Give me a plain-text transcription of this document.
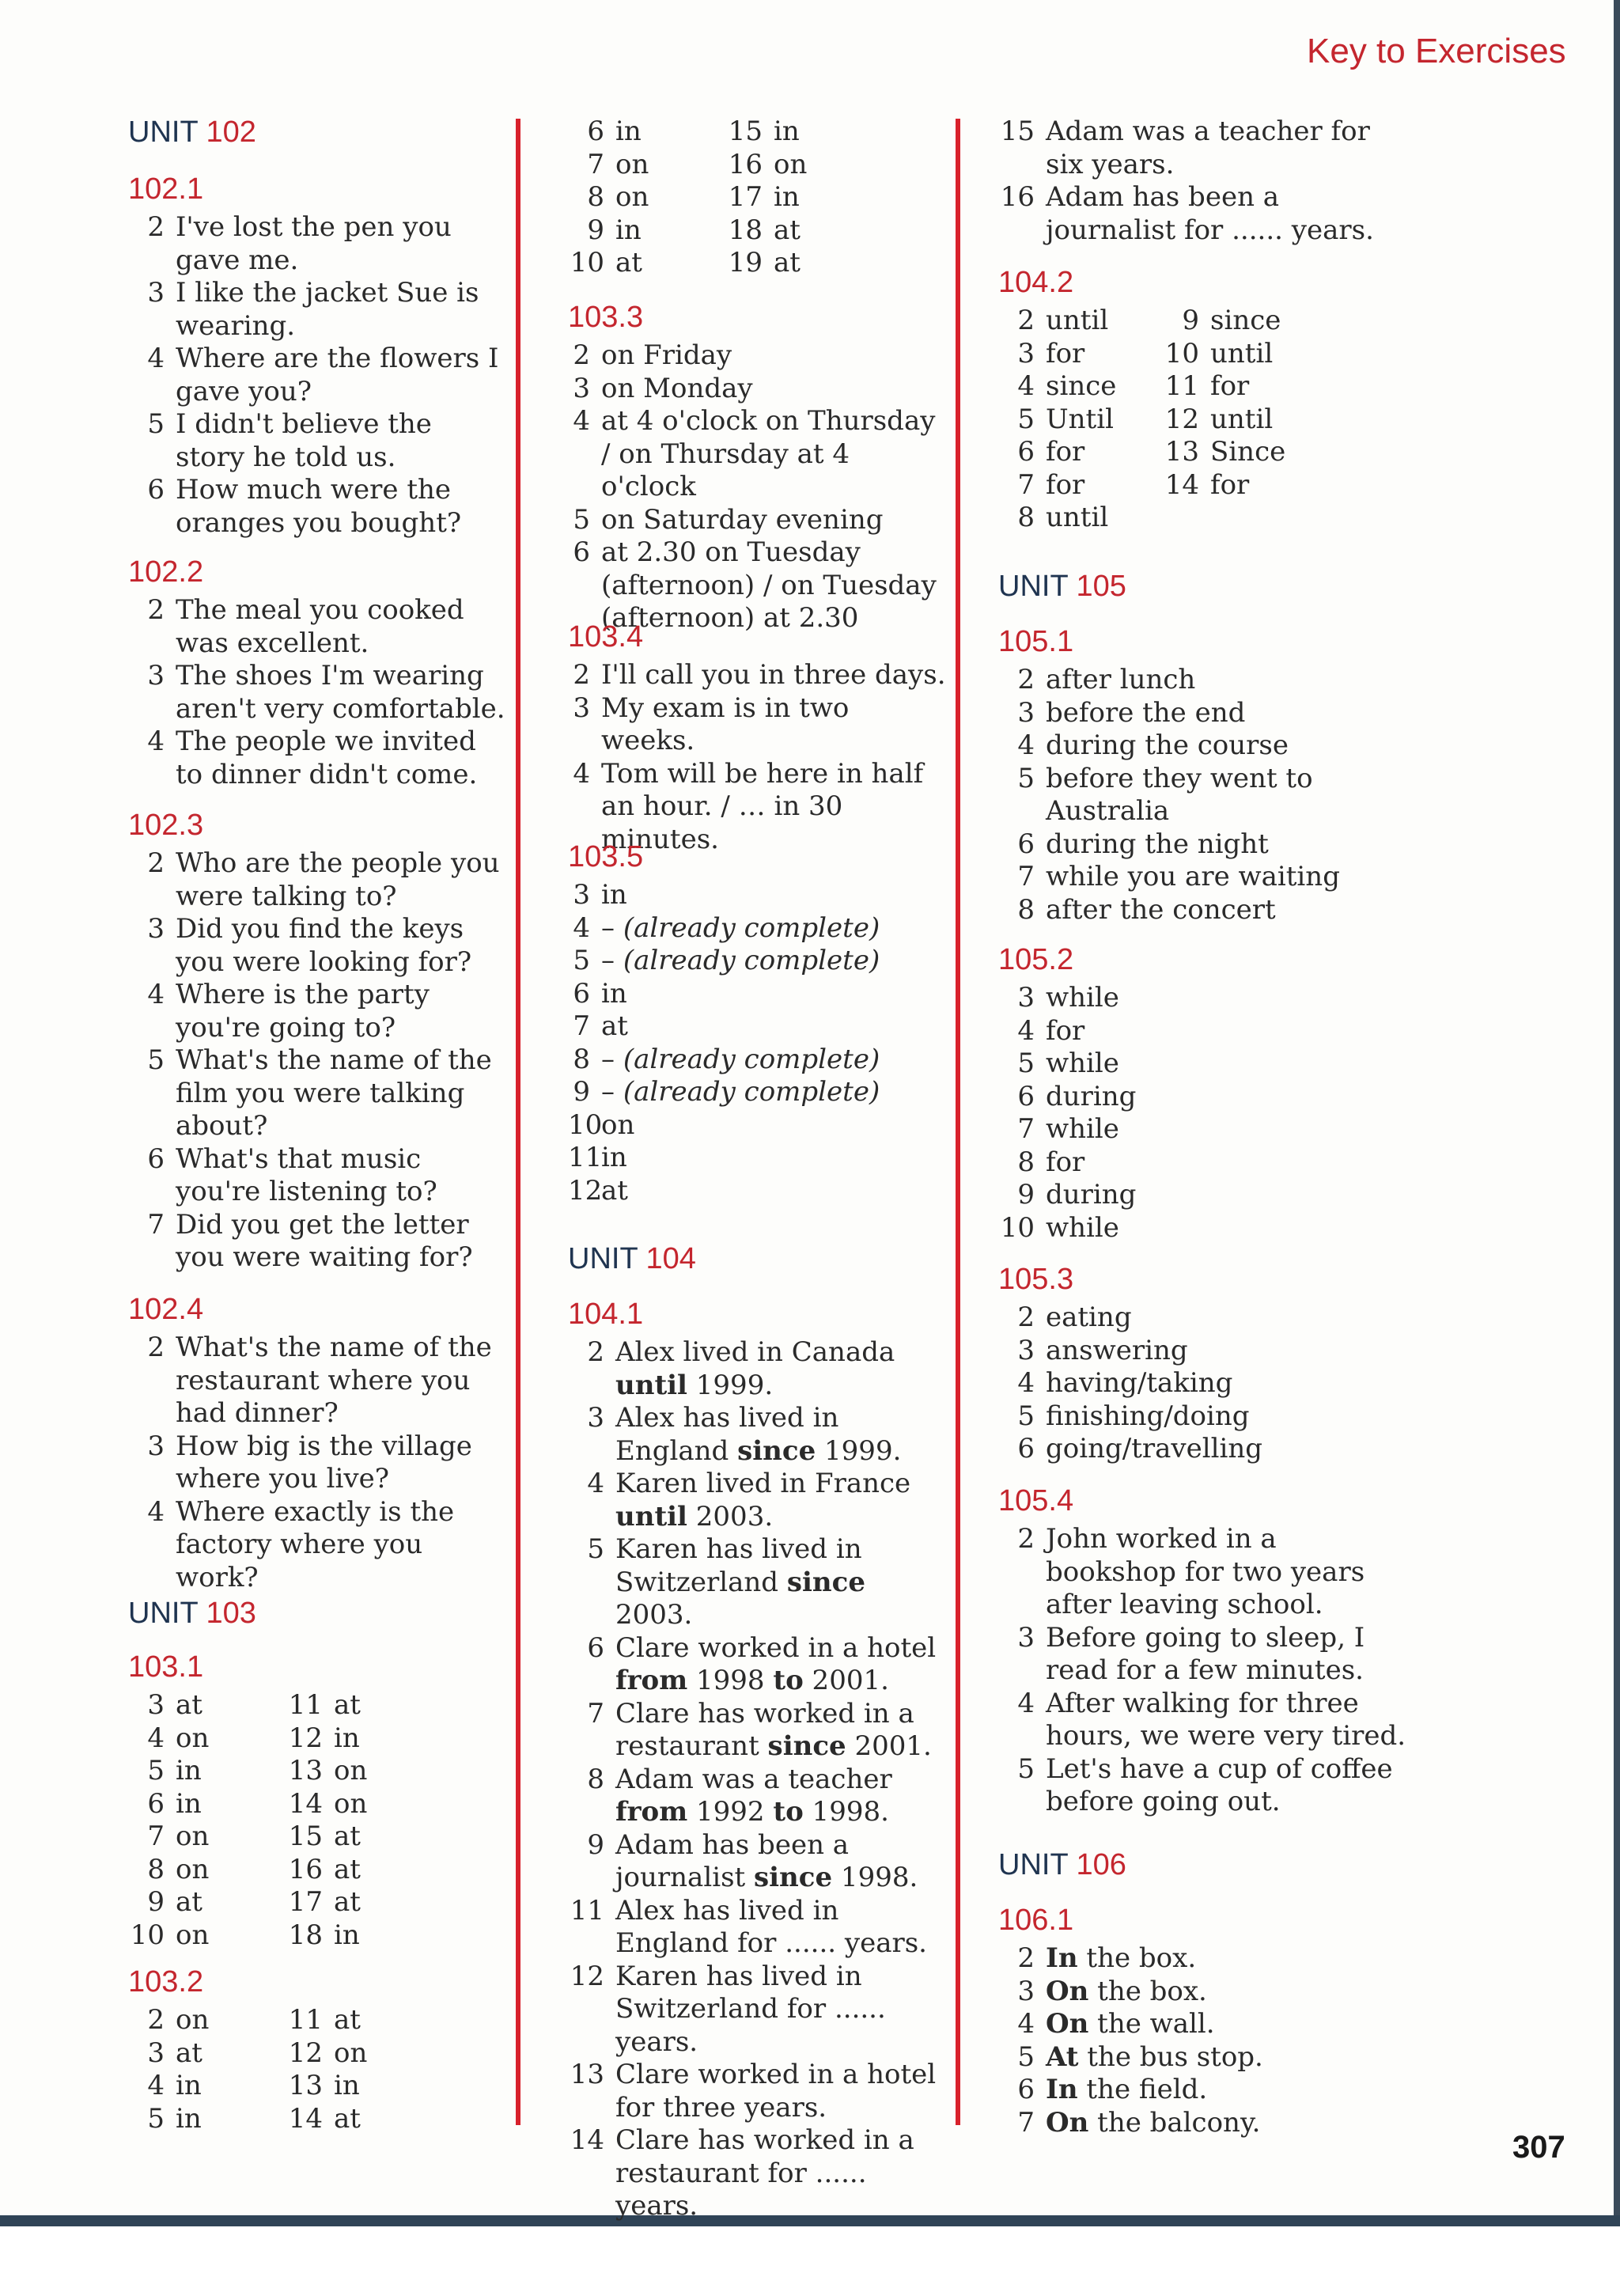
Key to Exercises
307
UNIT 102
102.1
2 I've lost the pen you gave me.
3 I like the jacket Sue is wearing.
4 Where are the flowers I gave you?
5 I didn't believe the story he told us.
6 How much were the oranges you bought?
102.2
2 The meal you cooked was excellent.
3 The shoes I'm wearing aren't very comfortable.
4 The people we invited to dinner didn't come.
102.3
2 Who are the people you were talking to?
3 Did you find the keys you were looking for?
4 Where is the party you're going to?
5 What's the name of the film you were talking about?
6 What's that music you're listening to?
7 Did you get the letter you were waiting for?
102.4
2 What's the name of the restaurant where you had dinner?
3 How big is the village where you live?
4 Where exactly is the factory where you work?
UNIT 103
103.1
3 at
4 on
5 in
6 in
7 on
8 on
9 at
10 on
11 at
12 in
13 on
14 on
15 at
16 at
17 at
18 in
103.2
2 on
3 at
4 in
5 in
11 at
12 on
13 in
14 at
6 in
7 on
8 on
9 in
10 at
15 in
16 on
17 in
18 at
19 at
103.3
2 on Friday
3 on Monday
4 at 4 o'clock on Thursday / on Thursday at 4 o'clock
5 on Saturday evening
6 at 2.30 on Tuesday (afternoon) / on Tuesday (afternoon) at 2.30
103.4
2 I'll call you in three days.
3 My exam is in two weeks.
4 Tom will be here in half an hour. / … in 30 minutes.
103.5
3 in
4 – (already complete)
5 – (already complete)
6 in
7 at
8 – (already complete)
9 – (already complete)
10
on
11
in
12
at
UNIT 104
104.1
2 Alex lived in Canada until 1999.
3 Alex has lived in England since 1999.
4 Karen lived in France until 2003.
5 Karen has lived in Switzerland since 2003.
6 Clare worked in a hotel from 1998 to 2001.
7 Clare has worked in a restaurant since 2001.
8 Adam was a teacher from 1992 to 1998.
9 Adam has been a journalist since 1998.
11 Alex has lived in England for ...... years.
12 Karen has lived in Switzerland for ...... years.
13 Clare worked in a hotel for three years.
14 Clare has worked in a restaurant for ...... years.
15 Adam was a teacher for six years.
16 Adam has been a journalist for ...... years.
104.2
2 until
3 for
4 since
5 Until
6 for
7 for
8 until
9 since
10 until
11 for
12 until
13 Since
14 for
UNIT 105
105.1
2 after lunch
3 before the end
4 during the course
5 before they went to Australia
6 during the night
7 while you are waiting
8 after the concert
105.2
3 while
4 for
5 while
6 during
7 while
8 for
9 during
10 while
105.3
2 eating
3 answering
4 having/taking
5 finishing/doing
6 going/travelling
105.4
2 John worked in a bookshop for two years after leaving school.
3 Before going to sleep, I read for a few minutes.
4 After walking for three hours, we were very tired.
5 Let's have a cup of coffee before going out.
UNIT 106
106.1
2 In the box.
3 On the box.
4 On the wall.
5 At the bus stop.
6 In the field.
7 On the balcony.
